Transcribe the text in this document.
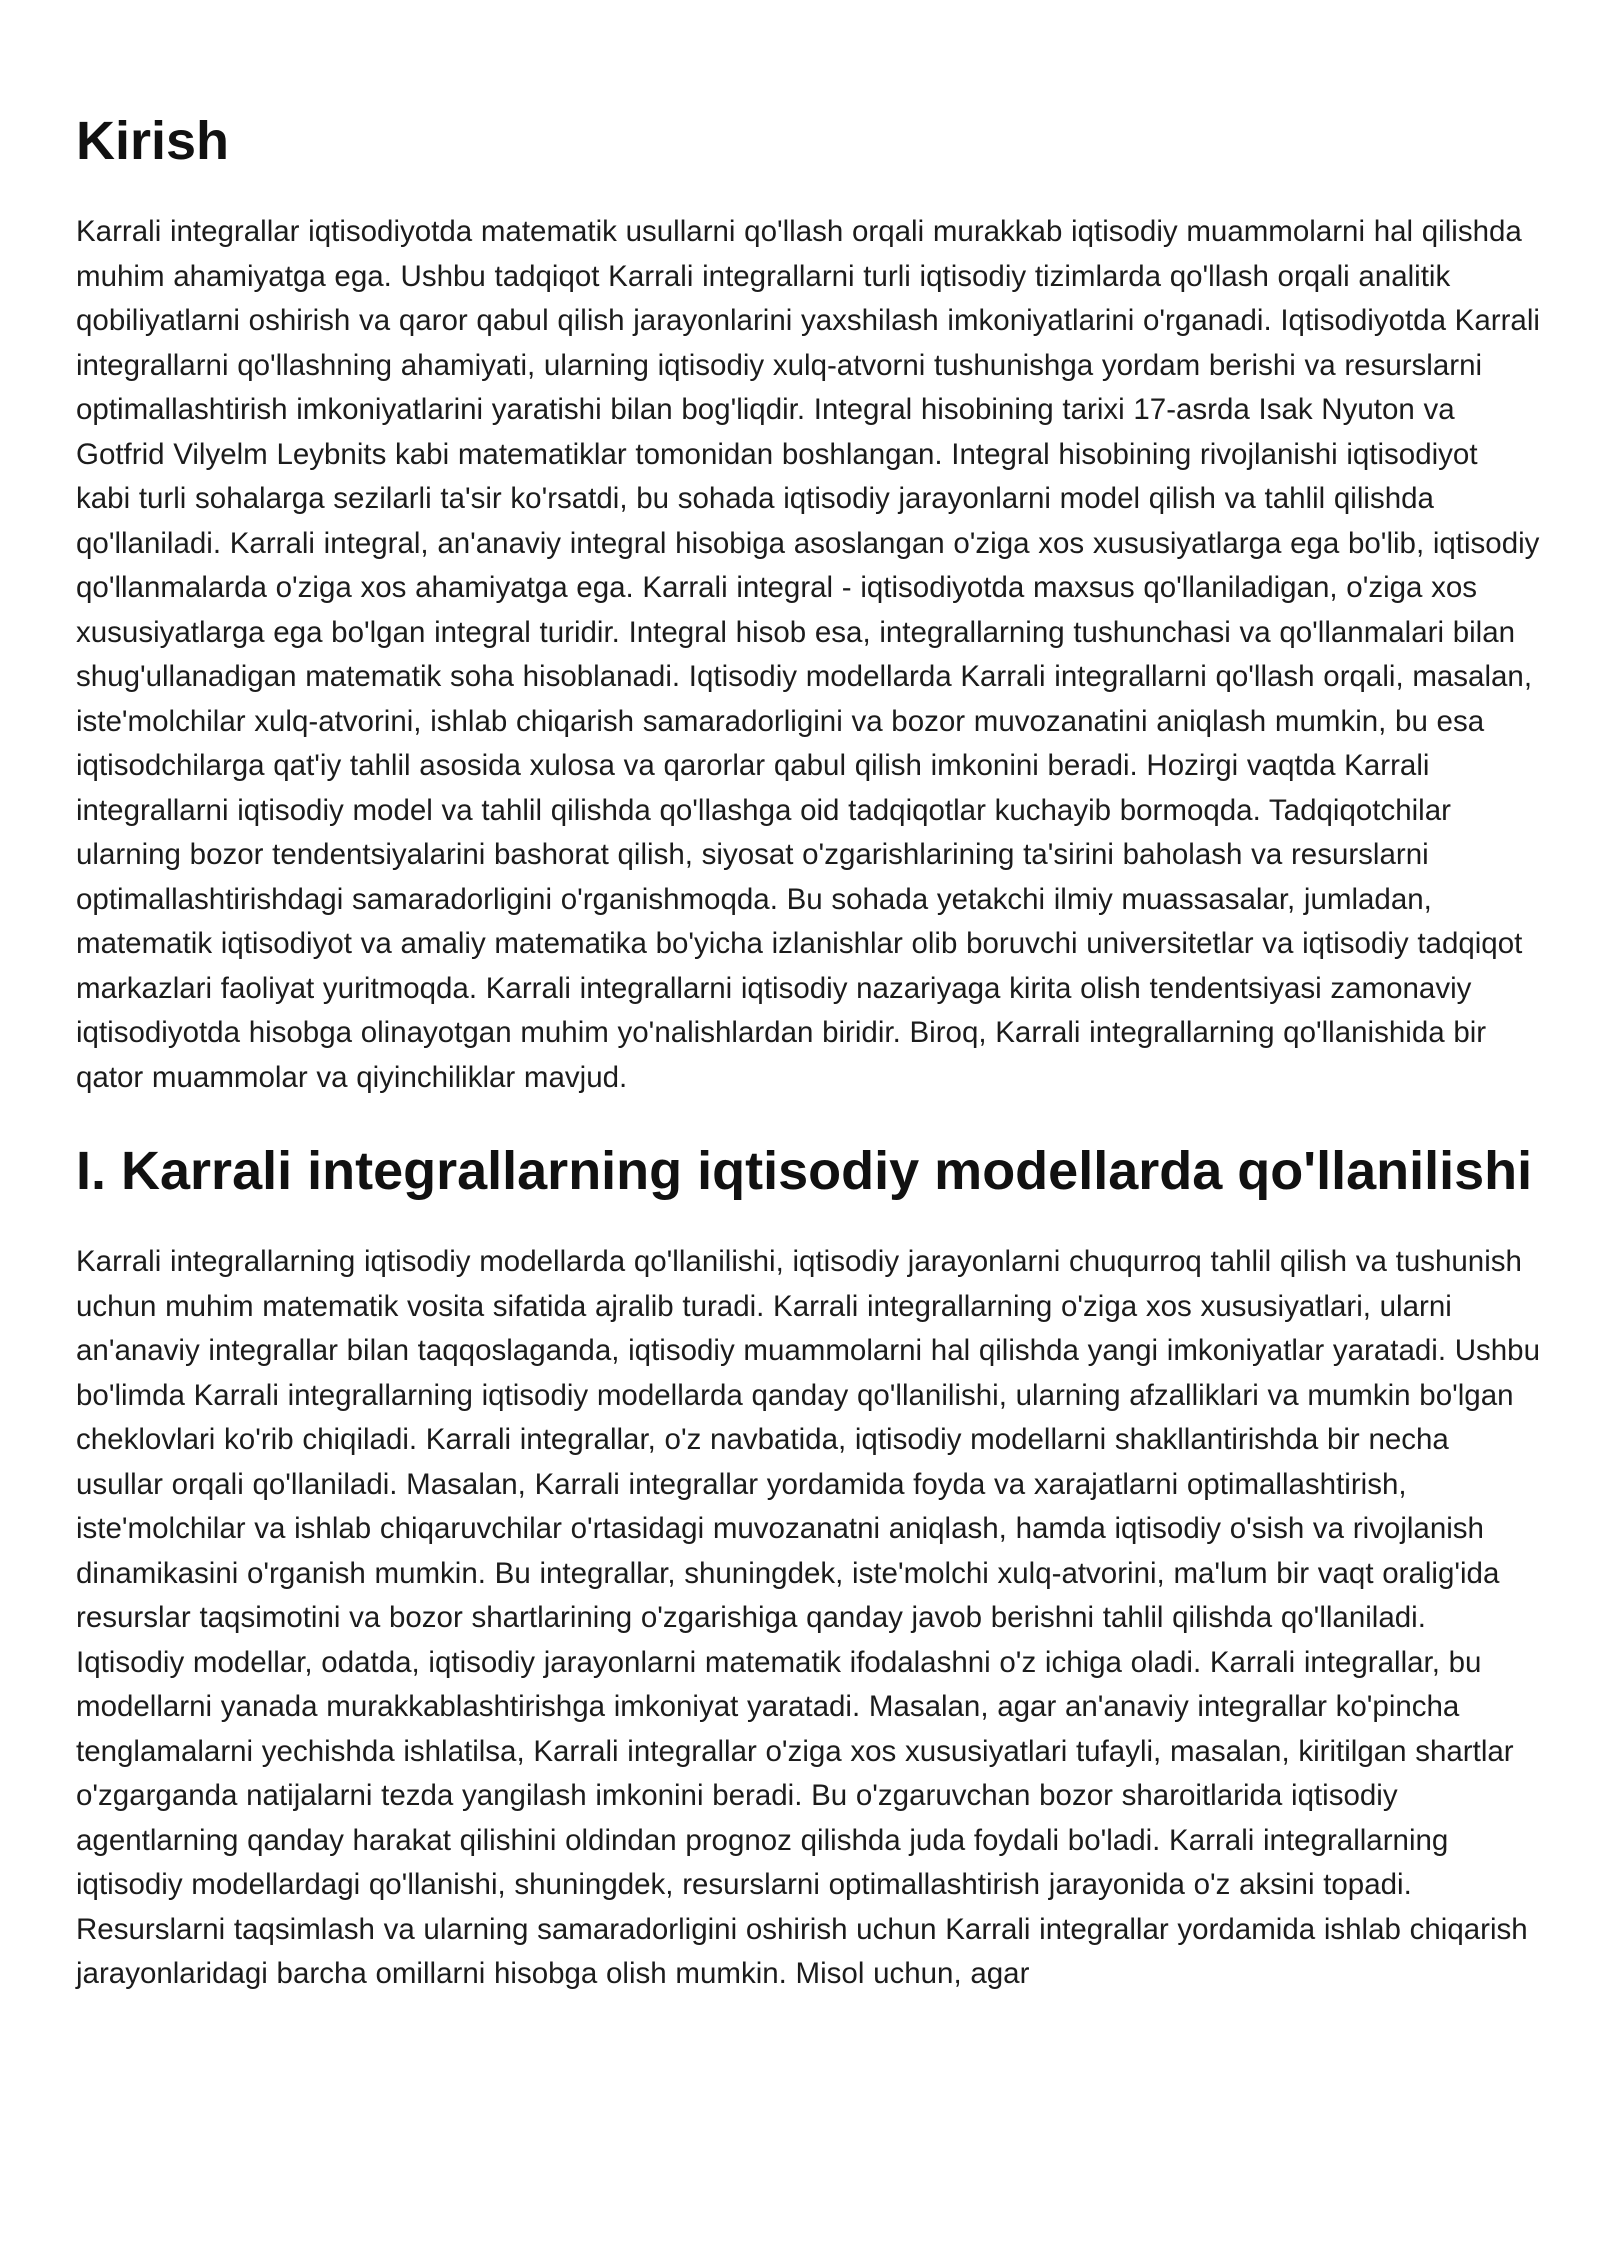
Kirish

Karrali integrallar iqtisodiyotda matematik usullarni qo'llash orqali murakkab iqtisodiy muammolarni hal qilishda muhim ahamiyatga ega. Ushbu tadqiqot Karrali integrallarni turli iqtisodiy tizimlarda qo'llash orqali analitik qobiliyatlarni oshirish va qaror qabul qilish jarayonlarini yaxshilash imkoniyatlarini o'rganadi. Iqtisodiyotda Karrali integrallarni qo'llashning ahamiyati, ularning iqtisodiy xulq-atvorni tushunishga yordam berishi va resurslarni optimallashtirish imkoniyatlarini yaratishi bilan bog'liqdir. Integral hisobining tarixi 17-asrda Isak Nyuton va Gotfrid Vilyelm Leybnits kabi matematiklar tomonidan boshlangan. Integral hisobining rivojlanishi iqtisodiyot kabi turli sohalarga sezilarli ta'sir ko'rsatdi, bu sohada iqtisodiy jarayonlarni model qilish va tahlil qilishda qo'llaniladi. Karrali integral, an'anaviy integral hisobiga asoslangan o'ziga xos xususiyatlarga ega bo'lib, iqtisodiy qo'llanmalarda o'ziga xos ahamiyatga ega. Karrali integral - iqtisodiyotda maxsus qo'llaniladigan, o'ziga xos xususiyatlarga ega bo'lgan integral turidir. Integral hisob esa, integrallarning tushunchasi va qo'llanmalari bilan shug'ullanadigan matematik soha hisoblanadi. Iqtisodiy modellarda Karrali integrallarni qo'llash orqali, masalan, iste'molchilar xulq-atvorini, ishlab chiqarish samaradorligini va bozor muvozanatini aniqlash mumkin, bu esa iqtisodchilarga qat'iy tahlil asosida xulosa va qarorlar qabul qilish imkonini beradi. Hozirgi vaqtda Karrali integrallarni iqtisodiy model va tahlil qilishda qo'llashga oid tadqiqotlar kuchayib bormoqda. Tadqiqotchilar ularning bozor tendentsiyalarini bashorat qilish, siyosat o'zgarishlarining ta'sirini baholash va resurslarni optimallashtirishdagi samaradorligini o'rganishmoqda. Bu sohada yetakchi ilmiy muassasalar, jumladan, matematik iqtisodiyot va amaliy matematika bo'yicha izlanishlar olib boruvchi universitetlar va iqtisodiy tadqiqot markazlari faoliyat yuritmoqda. Karrali integrallarni iqtisodiy nazariyaga kirita olish tendentsiyasi zamonaviy iqtisodiyotda hisobga olinayotgan muhim yo'nalishlardan biridir. Biroq, Karrali integrallarning qo'llanishida bir qator muammolar va qiyinchiliklar mavjud.

I. Karrali integrallarning iqtisodiy modellarda qo'llanilishi

Karrali integrallarning iqtisodiy modellarda qo'llanilishi, iqtisodiy jarayonlarni chuqurroq tahlil qilish va tushunish uchun muhim matematik vosita sifatida ajralib turadi. Karrali integrallarning o'ziga xos xususiyatlari, ularni an'anaviy integrallar bilan taqqoslaganda, iqtisodiy muammolarni hal qilishda yangi imkoniyatlar yaratadi. Ushbu bo'limda Karrali integrallarning iqtisodiy modellarda qanday qo'llanilishi, ularning afzalliklari va mumkin bo'lgan cheklovlari ko'rib chiqiladi. Karrali integrallar, o'z navbatida, iqtisodiy modellarni shakllantirishda bir necha usullar orqali qo'llaniladi. Masalan, Karrali integrallar yordamida foyda va xarajatlarni optimallashtirish, iste'molchilar va ishlab chiqaruvchilar o'rtasidagi muvozanatni aniqlash, hamda iqtisodiy o'sish va rivojlanish dinamikasini o'rganish mumkin. Bu integrallar, shuningdek, iste'molchi xulq-atvorini, ma'lum bir vaqt oralig'ida resurslar taqsimotini va bozor shartlarining o'zgarishiga qanday javob berishni tahlil qilishda qo'llaniladi. Iqtisodiy modellar, odatda, iqtisodiy jarayonlarni matematik ifodalashni o'z ichiga oladi. Karrali integrallar, bu modellarni yanada murakkablashtirishga imkoniyat yaratadi. Masalan, agar an'anaviy integrallar ko'pincha tenglamalarni yechishda ishlatilsa, Karrali integrallar o'ziga xos xususiyatlari tufayli, masalan, kiritilgan shartlar o'zgarganda natijalarni tezda yangilash imkonini beradi. Bu o'zgaruvchan bozor sharoitlarida iqtisodiy agentlarning qanday harakat qilishini oldindan prognoz qilishda juda foydali bo'ladi. Karrali integrallarning iqtisodiy modellardagi qo'llanishi, shuningdek, resurslarni optimallashtirish jarayonida o'z aksini topadi. Resurslarni taqsimlash va ularning samaradorligini oshirish uchun Karrali integrallar yordamida ishlab chiqarish jarayonlaridagi barcha omillarni hisobga olish mumkin. Misol uchun, agar
